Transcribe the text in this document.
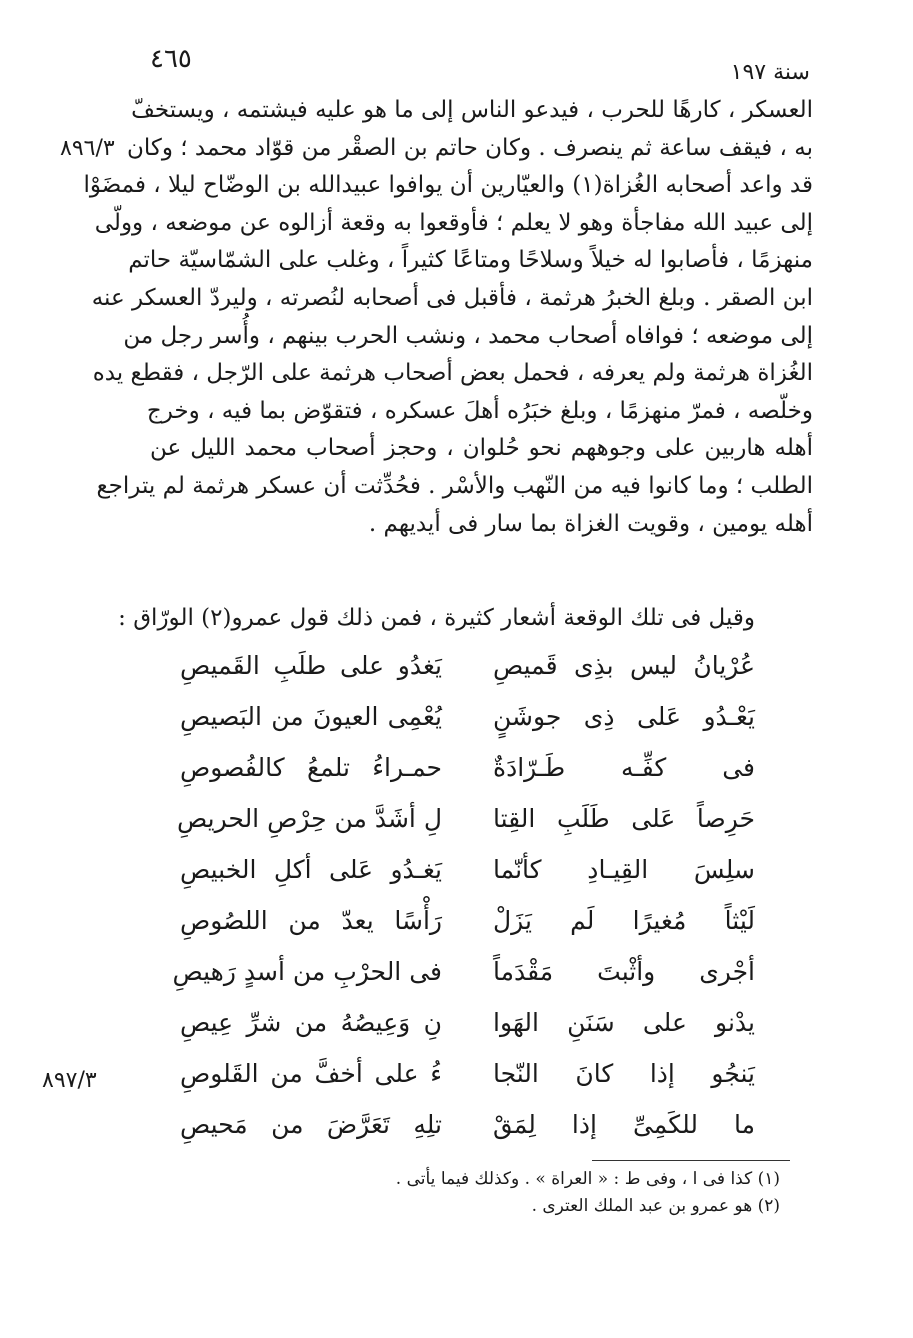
٤٦٥	سنة ١٩٧
٨٩٦/٣
٨٩٧/٣
العسكر ، كارهًا للحرب ، فيدعو الناس إلى ما هو عليه فيشتمه ، ويستخفّ
به ، فيقف ساعة ثم ينصرف . وكان حاتم بن الصقْر من قوّاد محمد ؛ وكان
قد واعد أصحابه الغُزاة(١) والعيّارين أن يوافوا عبيدالله بن الوضّاح ليلا ، فمضَوْا
إلى عبيد الله مفاجأة وهو لا يعلم ؛ فأوقعوا به وقعة أزالوه عن موضعه ، وولّى
منهزمًا ، فأصابوا له خيلاً وسلاحًا ومتاعًا كثيراً ، وغلب على الشمّاسيّة حاتم
ابن الصقر . وبلغ الخبرُ هرثمة ، فأقبل فى أصحابه لنُصرته ، وليردّ العسكر عنه
إلى موضعه ؛ فوافاه أصحاب محمد ، ونشب الحرب بينهم ، وأُسر رجل من
الغُزاة هرثمة ولم يعرفه ، فحمل بعض أصحاب هرثمة على الرّجل ، فقطع يده
وخلّصه ، فمرّ منهزمًا ، وبلغ خبَرُه أهلَ عسكره ، فتقوّض بما فيه ، وخرج
أهله هاربين على وجوههم نحو حُلوان ، وحجز أصحاب محمد الليل عن
الطلب ؛ وما كانوا فيه من النّهب والأسْر . فحُدِّثت أن عسكر هرثمة لم يتراجع
أهله يومين ، وقويت الغزاة بما سار فى أيديهم .
وقيل فى تلك الوقعة أشعار كثيرة ، فمن ذلك قول عمرو(٢) الورّاق :
عُرْيانُ ليس بذِى قَميصِ
يَغدُو على طلَبِ القَميصِ
يَعْـدُو عَلى ذِى جوشَنٍ
يُعْمِى العيونَ من البَصيصِ
فى كفِّـه طَـرّادَةٌ
حمـراءُ تلمعُ كالفُصوصِ
حَرِصاً عَلى طَلَبِ القِتا
لِ أشَدَّ من حِرْصِ الحريصِ
سلِسَ القِيـادِ كأنّما
يَغـدُو عَلى أكلِ الخبيصِ
لَيْثاً مُغيرًا لَم يَزَلْ
رَأْسًا يعدّ من اللصُوصِ
أجْرى وأثْبتَ مَقْدَماً
فى الحرْبِ من أسدٍ رَهيصِ
يدْنو على سَنَنِ الهَوا
نِ وَعِيصُهُ من شرِّ عِيصِ
يَنجُو إذا كانَ النّجا
ءُ على أخفَّ من القَلوصِ
ما للكَمِىِّ إذا لِمَقْ
تلِهِ تَعَرَّضَ من مَحيصِ
(١) كذا فى ا ، وفى ط : « العراة » . وكذلك فيما يأتى .
(٢) هو عمرو بن عبد الملك العترى .
